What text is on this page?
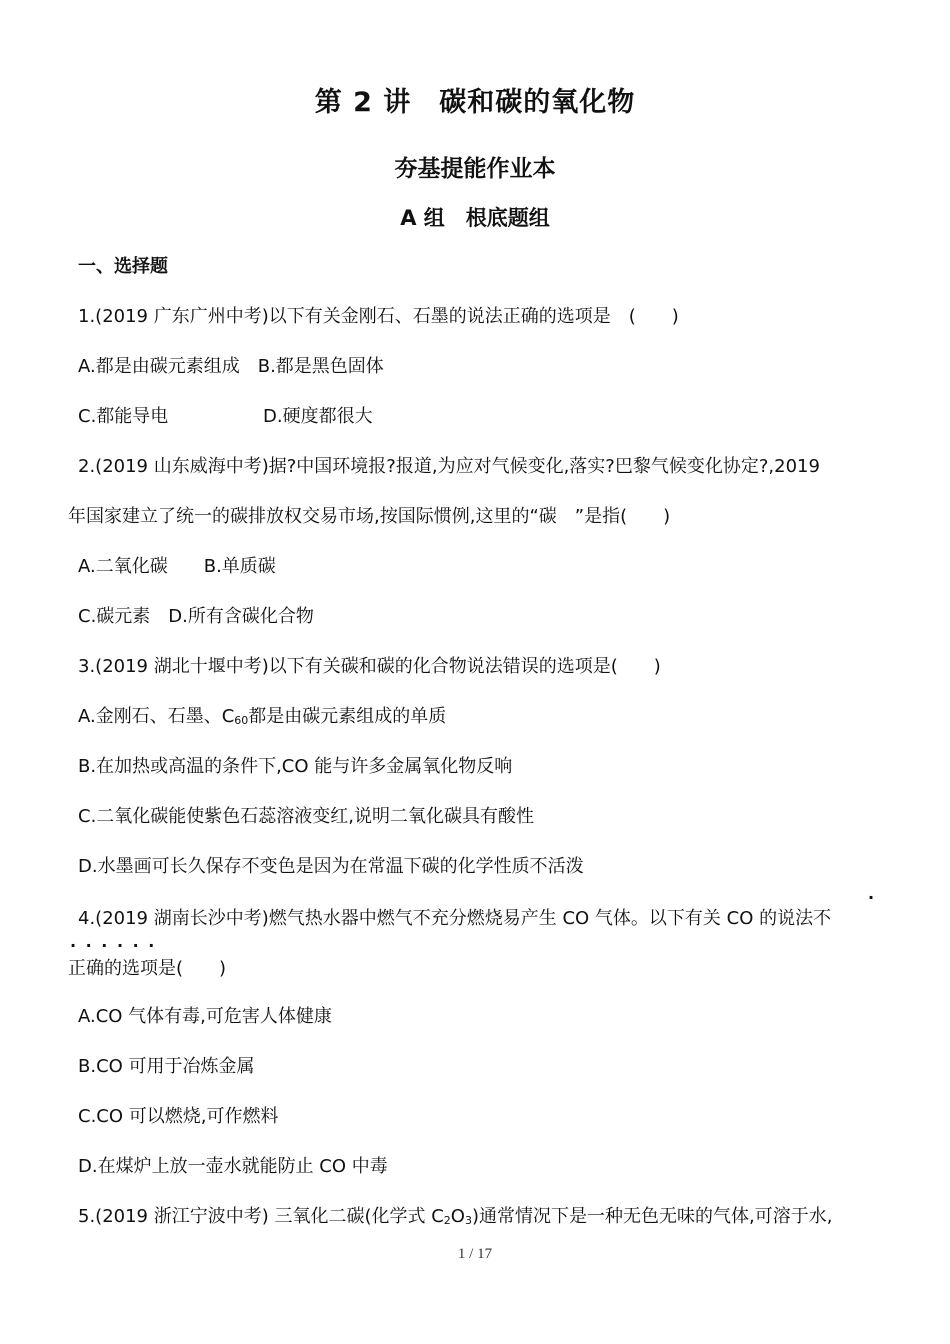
第 2 讲　碳和碳的氧化物
夯基提能作业本
A 组　根底题组
一、选择题
1.(2019 广东广州中考)以下有关金刚石、石墨的说法正确的选项是　(　　)
A.都是由碳元素组成　B.都是黑色固体
C.都能导电	D.硬度都很大
2.(2019 山东威海中考)据?中国环境报?报道,为应对气候变化,落实?巴黎气候变化协定?,2019
年国家建立了统一的碳排放权交易市场,按国际惯例,这里的“碳　”是指(　　)
A.二氧化碳　　B.单质碳
C.碳元素　D.所有含碳化合物
3.(2019 湖北十堰中考)以下有关碳和碳的化合物说法错误的选项是(　　)
A.金刚石、石墨、$C_{60}$都是由碳元素组成的单质
B.在加热或高温的条件下,CO 能与许多金属氧化物反响
C.二氧化碳能使紫色石蕊溶液变红,说明二氧化碳具有酸性
D.水墨画可长久保存不变色是因为在常温下碳的化学性质不活泼
·
4.(2019 湖南长沙中考)燃气热水器中燃气不充分燃烧易产生 CO 气体。以下有关 CO 的说法不
· · · · · ·
正确的选项是(　　)
A.CO 气体有毒,可危害人体健康
B.CO 可用于冶炼金属
C.CO 可以燃烧,可作燃料
D.在煤炉上放一壶水就能防止 CO 中毒
5.(2019 浙江宁波中考) 三氧化二碳(化学式 $C_2O_3$)通常情况下是一种无色无味的气体,可溶于水,
1 / 17
